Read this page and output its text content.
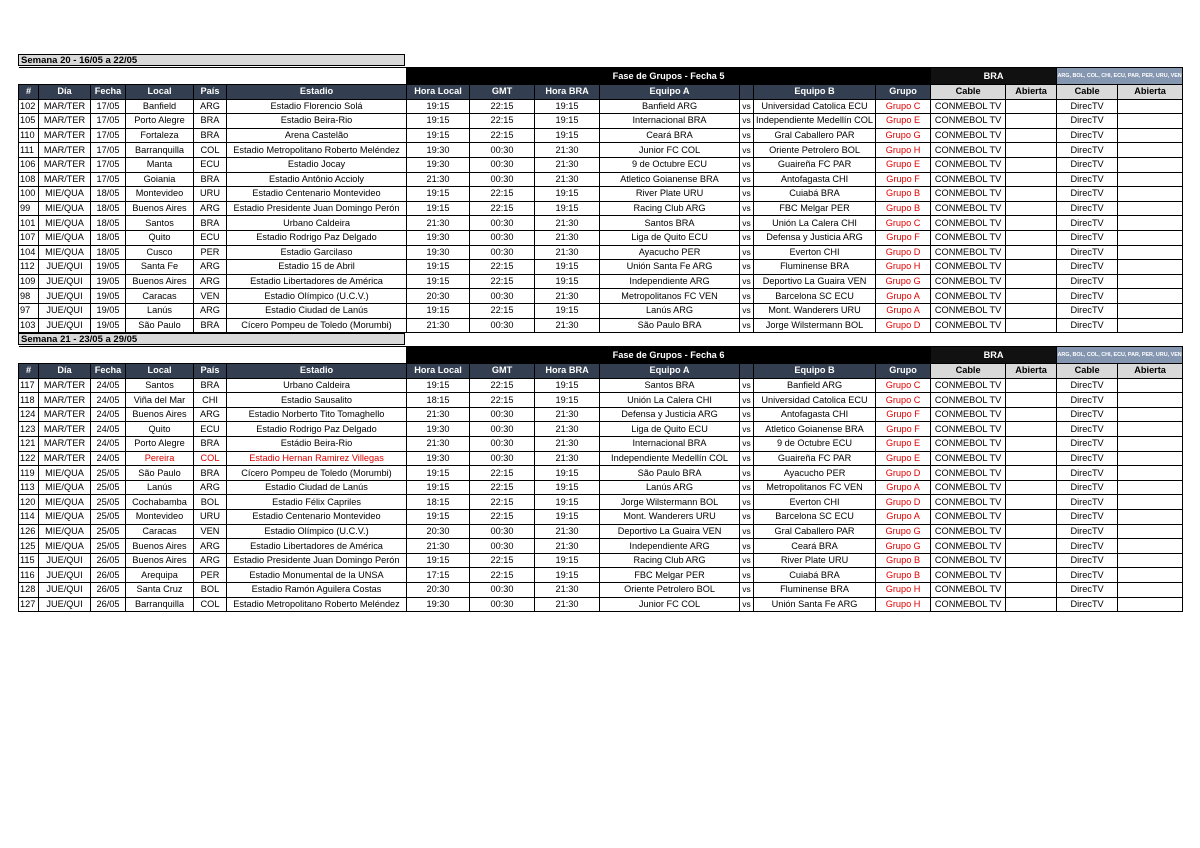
Semana 20 - 16/05 a 22/05
						Fase de Grupos - Fecha 5							BRA		ARG, BOL, COL, CHI, ECU, PAR, PER, URU, VEN	
#	Día	Fecha	Local	País	Estadio	Hora Local	GMT	Hora BRA	Equipo A		Equipo B	Grupo	Cable	Abierta	Cable	Abierta
102	MAR/TER	17/05	Banfield	ARG	Estadio Florencio Solá	19:15	22:15	19:15	Banfield ARG	vs	Universidad Catolica ECU	Grupo C	CONMEBOL TV		DirecTV	
105	MAR/TER	17/05	Porto Alegre	BRA	Estadio Beira-Rio	19:15	22:15	19:15	Internacional BRA	vs	Independiente Medellín COL	Grupo E	CONMEBOL TV		DirecTV	
110	MAR/TER	17/05	Fortaleza	BRA	Arena Castelão	19:15	22:15	19:15	Ceará BRA	vs	Gral Caballero PAR	Grupo G	CONMEBOL TV		DirecTV	
111	MAR/TER	17/05	Barranquilla	COL	Estadio Metropolitano Roberto Meléndez	19:30	00:30	21:30	Junior FC COL	vs	Oriente Petrolero BOL	Grupo H	CONMEBOL TV		DirecTV	
106	MAR/TER	17/05	Manta	ECU	Estadio Jocay	19:30	00:30	21:30	9 de Octubre ECU	vs	Guaireña FC PAR	Grupo E	CONMEBOL TV		DirecTV	
108	MAR/TER	17/05	Goiania	BRA	Estadio Antônio Accioly	21:30	00:30	21:30	Atletico Goianense BRA	vs	Antofagasta CHI	Grupo F	CONMEBOL TV		DirecTV	
100	MIE/QUA	18/05	Montevideo	URU	Estadio Centenario Montevideo	19:15	22:15	19:15	River Plate URU	vs	Cuiabá BRA	Grupo B	CONMEBOL TV		DirecTV	
99	MIE/QUA	18/05	Buenos Aires	ARG	Estadio Presidente Juan Domingo Perón	19:15	22:15	19:15	Racing Club ARG	vs	FBC Melgar PER	Grupo B	CONMEBOL TV		DirecTV	
101	MIE/QUA	18/05	Santos	BRA	Urbano Caldeira	21:30	00:30	21:30	Santos BRA	vs	Unión La Calera CHI	Grupo C	CONMEBOL TV		DirecTV	
107	MIE/QUA	18/05	Quito	ECU	Estadio Rodrigo Paz Delgado	19:30	00:30	21:30	Liga de Quito ECU	vs	Defensa y Justicia ARG	Grupo F	CONMEBOL TV		DirecTV	
104	MIE/QUA	18/05	Cusco	PER	Estadio Garcilaso	19:30	00:30	21:30	Ayacucho PER	vs	Everton CHI	Grupo D	CONMEBOL TV		DirecTV	
112	JUE/QUI	19/05	Santa Fe	ARG	Estadio 15 de Abril	19:15	22:15	19:15	Unión Santa Fe ARG	vs	Fluminense BRA	Grupo H	CONMEBOL TV		DirecTV	
109	JUE/QUI	19/05	Buenos Aires	ARG	Estadio Libertadores de América	19:15	22:15	19:15	Independiente ARG	vs	Deportivo La Guaira VEN	Grupo G	CONMEBOL TV		DirecTV	
98	JUE/QUI	19/05	Caracas	VEN	Estadio Olímpico (U.C.V.)	20:30	00:30	21:30	Metropolitanos FC VEN	vs	Barcelona SC ECU	Grupo A	CONMEBOL TV		DirecTV	
97	JUE/QUI	19/05	Lanús	ARG	Estadio Ciudad de Lanús	19:15	22:15	19:15	Lanús ARG	vs	Mont. Wanderers URU	Grupo A	CONMEBOL TV		DirecTV	
103	JUE/QUI	19/05	São Paulo	BRA	Cícero Pompeu de Toledo (Morumbi)	21:30	00:30	21:30	São Paulo BRA	vs	Jorge Wilstermann BOL	Grupo D	CONMEBOL TV		DirecTV	
Semana 21 - 23/05 a 29/05
						Fase de Grupos - Fecha 6							BRA		ARG, BOL, COL, CHI, ECU, PAR, PER, URU, VEN	
#	Día	Fecha	Local	País	Estadio	Hora Local	GMT	Hora BRA	Equipo A		Equipo B	Grupo	Cable	Abierta	Cable	Abierta
117	MAR/TER	24/05	Santos	BRA	Urbano Caldeira	19:15	22:15	19:15	Santos BRA	vs	Banfield ARG	Grupo C	CONMEBOL TV		DirecTV	
118	MAR/TER	24/05	Viña del Mar	CHI	Estadio Sausalito	18:15	22:15	19:15	Unión La Calera CHI	vs	Universidad Catolica ECU	Grupo C	CONMEBOL TV		DirecTV	
124	MAR/TER	24/05	Buenos Aires	ARG	Estadio Norberto Tito Tomaghello	21:30	00:30	21:30	Defensa y Justicia ARG	vs	Antofagasta CHI	Grupo F	CONMEBOL TV		DirecTV	
123	MAR/TER	24/05	Quito	ECU	Estadio Rodrigo Paz Delgado	19:30	00:30	21:30	Liga de Quito ECU	vs	Atletico Goianense BRA	Grupo F	CONMEBOL TV		DirecTV	
121	MAR/TER	24/05	Porto Alegre	BRA	Estádio Beira-Rio	21:30	00:30	21:30	Internacional BRA	vs	9 de Octubre ECU	Grupo E	CONMEBOL TV		DirecTV	
122	MAR/TER	24/05	Pereira	COL	Estadio Hernan Ramirez Villegas	19:30	00:30	21:30	Independiente Medellín COL	vs	Guaireña FC PAR	Grupo E	CONMEBOL TV		DirecTV	
119	MIE/QUA	25/05	São Paulo	BRA	Cícero Pompeu de Toledo (Morumbi)	19:15	22:15	19:15	São Paulo BRA	vs	Ayacucho PER	Grupo D	CONMEBOL TV		DirecTV	
113	MIE/QUA	25/05	Lanús	ARG	Estadio Ciudad de Lanús	19:15	22:15	19:15	Lanús ARG	vs	Metropolitanos FC VEN	Grupo A	CONMEBOL TV		DirecTV	
120	MIE/QUA	25/05	Cochabamba	BOL	Estadio Félix Capriles	18:15	22:15	19:15	Jorge Wilstermann BOL	vs	Everton CHI	Grupo D	CONMEBOL TV		DirecTV	
114	MIE/QUA	25/05	Montevideo	URU	Estadio Centenario Montevideo	19:15	22:15	19:15	Mont. Wanderers URU	vs	Barcelona SC ECU	Grupo A	CONMEBOL TV		DirecTV	
126	MIE/QUA	25/05	Caracas	VEN	Estadio Olímpico (U.C.V.)	20:30	00:30	21:30	Deportivo La Guaira VEN	vs	Gral Caballero PAR	Grupo G	CONMEBOL TV		DirecTV	
125	MIE/QUA	25/05	Buenos Aires	ARG	Estadio Libertadores de América	21:30	00:30	21:30	Independiente ARG	vs	Ceará BRA	Grupo G	CONMEBOL TV		DirecTV	
115	JUE/QUI	26/05	Buenos Aires	ARG	Estadio Presidente Juan Domingo Perón	19:15	22:15	19:15	Racing Club ARG	vs	River Plate URU	Grupo B	CONMEBOL TV		DirecTV	
116	JUE/QUI	26/05	Arequipa	PER	Estadio Monumental de la UNSA	17:15	22:15	19:15	FBC Melgar PER	vs	Cuiabá BRA	Grupo B	CONMEBOL TV		DirecTV	
128	JUE/QUI	26/05	Santa Cruz	BOL	Estadio Ramón Aguilera Costas	20:30	00:30	21:30	Oriente Petrolero BOL	vs	Fluminense BRA	Grupo H	CONMEBOL TV		DirecTV	
127	JUE/QUI	26/05	Barranquilla	COL	Estadio Metropolitano Roberto Meléndez	19:30	00:30	21:30	Junior FC COL	vs	Unión Santa Fe ARG	Grupo H	CONMEBOL TV		DirecTV	
